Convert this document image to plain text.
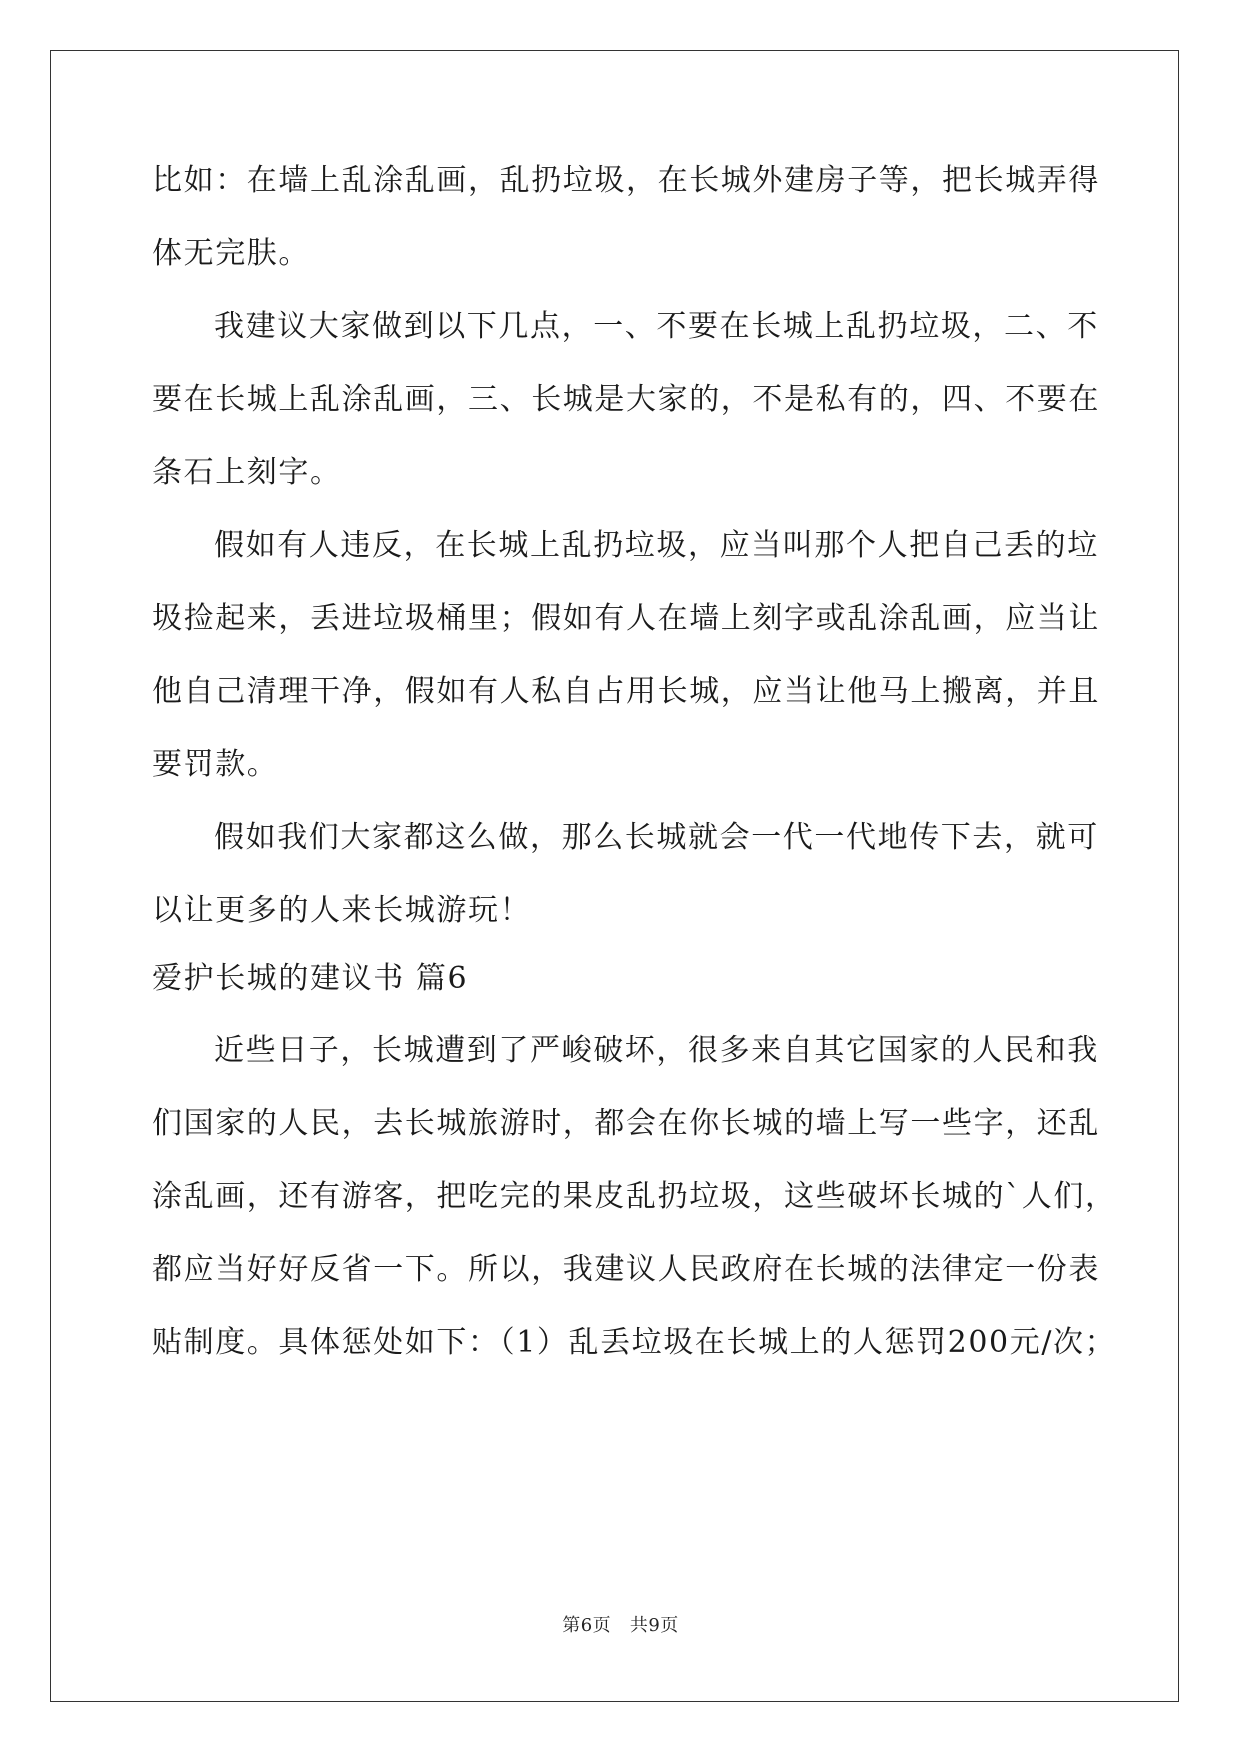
比如：在墙上乱涂乱画，乱扔垃圾，在长城外建房子等，把长城弄得
体无完肤。
我建议大家做到以下几点，一、不要在长城上乱扔垃圾，二、不
要在长城上乱涂乱画，三、长城是大家的，不是私有的，四、不要在
条石上刻字。
假如有人违反，在长城上乱扔垃圾，应当叫那个人把自己丢的垃
圾捡起来，丢进垃圾桶里；假如有人在墙上刻字或乱涂乱画，应当让
他自己清理干净，假如有人私自占用长城，应当让他马上搬离，并且
要罚款。
假如我们大家都这么做，那么长城就会一代一代地传下去，就可
以让更多的人来长城游玩！
爱护长城的建议书 篇6
近些日子，长城遭到了严峻破坏，很多来自其它国家的人民和我
们国家的人民，去长城旅游时，都会在你长城的墙上写一些字，还乱
涂乱画，还有游客，把吃完的果皮乱扔垃圾，这些破坏长城的`人们，
都应当好好反省一下。所以，我建议人民政府在长城的法律定一份表
贴制度。具体惩处如下：（1）乱丢垃圾在长城上的人惩罚200元/次；
第6页   共9页
